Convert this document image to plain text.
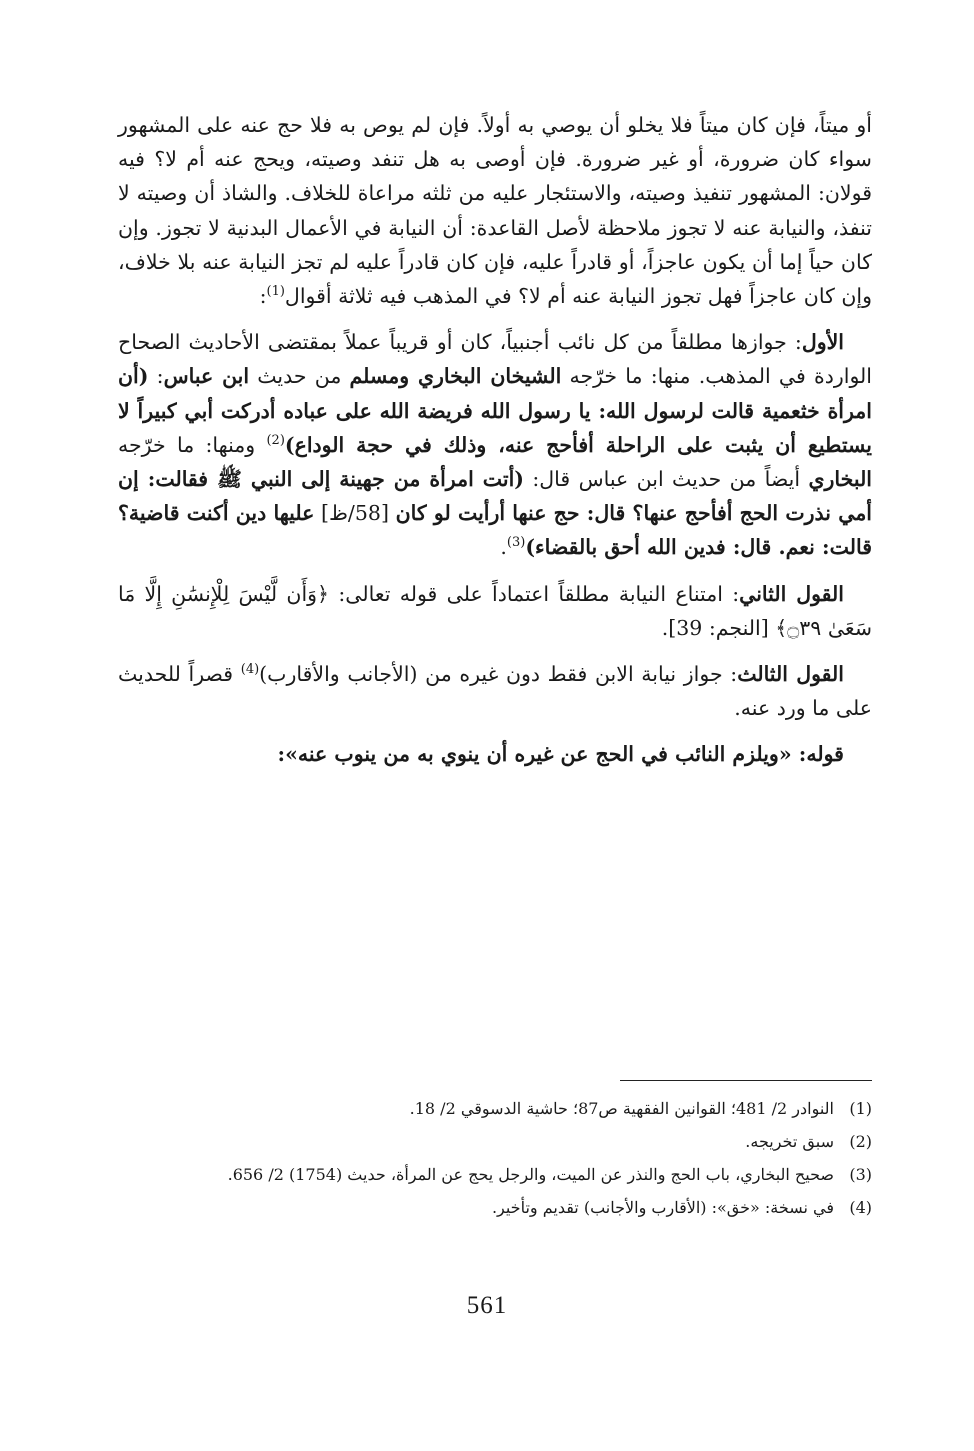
أو ميتاً، فإن كان ميتاً فلا يخلو أن يوصي به أولاً. فإن لم يوص به فلا حج عنه على المشهور سواء كان ضرورة، أو غير ضرورة. فإن أوصى به هل تنفد وصيته، ويحج عنه أم لا؟ فيه قولان: المشهور تنفيذ وصيته، والاستئجار عليه من ثلثه مراعاة للخلاف. والشاذ أن وصيته لا تنفذ، والنيابة عنه لا تجوز ملاحظة لأصل القاعدة: أن النيابة في الأعمال البدنية لا تجوز. وإن كان حياً إما أن يكون عاجزاً، أو قادراً عليه، فإن كان قادراً عليه لم تجز النيابة عنه بلا خلاف، وإن كان عاجزاً فهل تجوز النيابة عنه أم لا؟ في المذهب فيه ثلاثة أقوال$^{(1)}$:

الأول: جوازها مطلقاً من كل نائب أجنبياً، كان أو قريباً عملاً بمقتضى الأحاديث الصحاح الواردة في المذهب. منها: ما خرّجه الشيخان البخاري ومسلم من حديث ابن عباس: (أن امرأة خثعمية قالت لرسول الله: يا رسول الله فريضة الله على عباده أدركت أبي كبيراً لا يستطيع أن يثبت على الراحلة أفأحج عنه، وذلك في حجة الوداع)$^{(2)}$ ومنها: ما خرّجه البخاري أيضاً من حديث ابن عباس قال: (أتت امرأة من جهينة إلى النبي ﷺ فقالت: إن أمي نذرت الحج أفأحج عنها؟ قال: حج عنها أرأيت لو كان [58/ظ] عليها دين أكنت قاضية؟ قالت: نعم. قال: فدين الله أحق بالقضاء)$^{(3)}$.

القول الثاني: امتناع النيابة مطلقاً اعتماداً على قوله تعالى: ﴿وَأَن لَّيْسَ لِلْإِنسَٰنِ إِلَّا مَا سَعَىٰ ۝٣٩﴾ [النجم: 39].

القول الثالث: جواز نيابة الابن فقط دون غيره من (الأجانب والأقارب)$^{(4)}$ قصراً للحديث على ما ورد عنه.

قوله: «ويلزم النائب في الحج عن غيره أن ينوي به من ينوب عنه»:

(1)
النوادر 2/ 481؛ القوانين الفقهية ص87؛ حاشية الدسوقي 2/ 18.
(2)
سبق تخريجه.
(3)
صحيح البخاري، باب الحج والنذر عن الميت، والرجل يحج عن المرأة، حديث (1754) 2/ 656.
(4)
في نسخة: «خق»: (الأقارب والأجانب) تقديم وتأخير.
561
